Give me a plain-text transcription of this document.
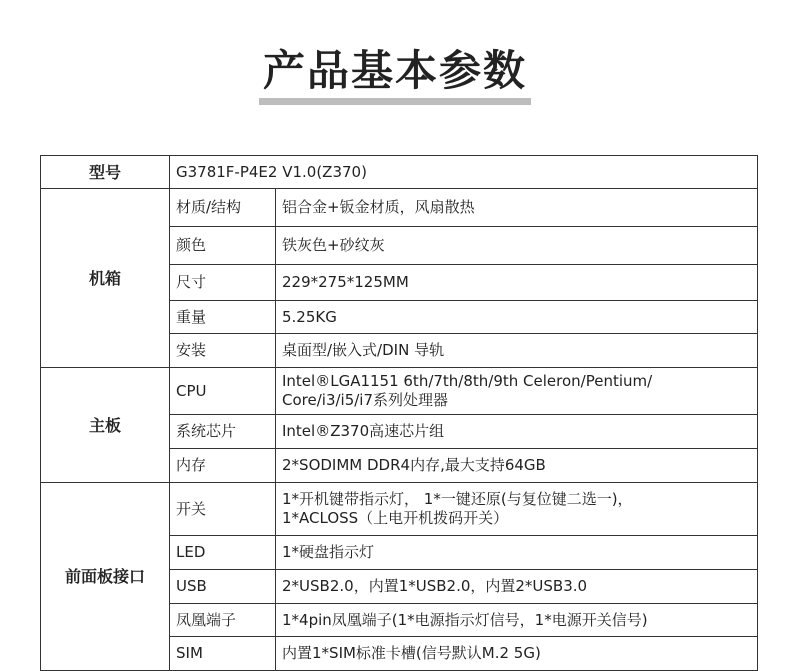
产品基本参数
型号	G3781F-P4E2 V1.0(Z370)	
机箱	材质/结构	铝合金+钣金材质，风扇散热
	颜色	铁灰色+砂纹灰
	尺寸	229*275*125MM
	重量	5.25KG
	安装	桌面型/嵌入式/DIN 导轨
主板	CPU	Intel®LGA1151 6th/7th/8th/9th Celeron/Pentium/
Core/i3/i5/i7系列处理器

	系统芯片	Intel®Z370高速芯片组
	内存	2*SODIMM DDR4内存,最大支持64GB
前面板接口	开关	1*开机键带指示灯， 1*一键还原(与复位键二选一)，
1*ACLOSS（上电开机拨码开关）

	LED	1*硬盘指示灯
	USB	2*USB2.0，内置1*USB2.0，内置2*USB3.0
	凤凰端子	1*4pin凤凰端子(1*电源指示灯信号，1*电源开关信号)
	SIM	内置1*SIM标准卡槽(信号默认M.2 5G)
